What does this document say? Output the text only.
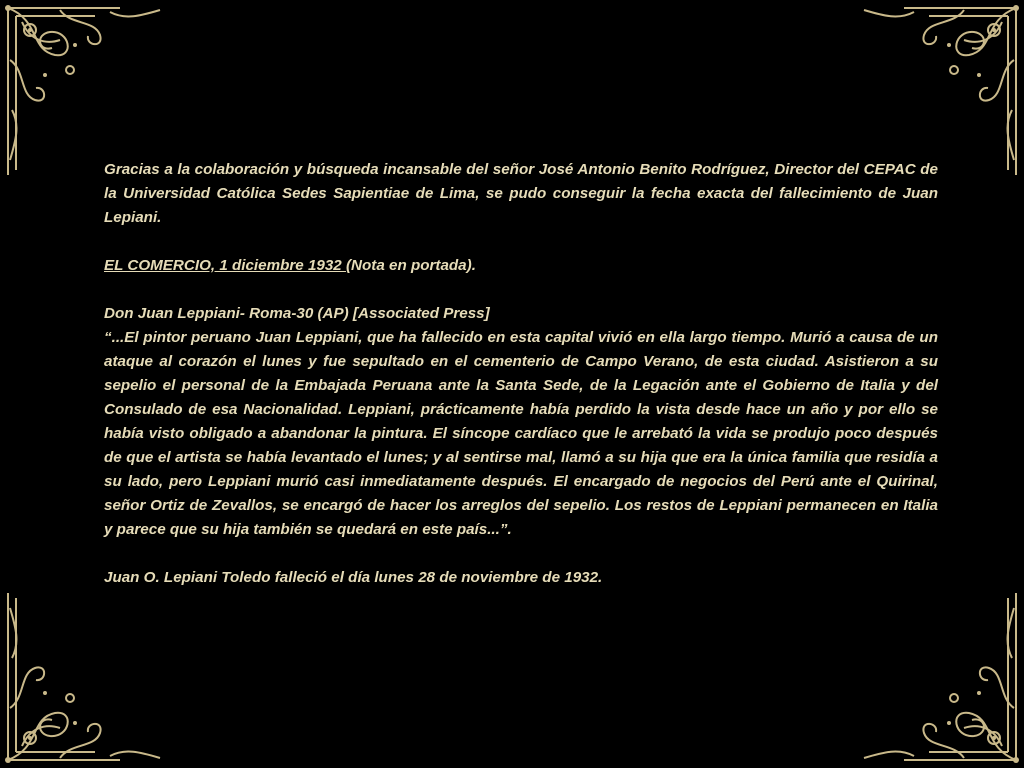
Gracias a la colaboración y búsqueda incansable del señor José Antonio Benito Rodríguez, Director del CEPAC de la Universidad Católica Sedes Sapientiae de Lima, se pudo conseguir la fecha exacta del fallecimiento de Juan Lepiani.

EL COMERCIO, 1 diciembre 1932 (Nota en portada).

Don Juan Leppiani- Roma-30 (AP) [Associated Press]

“...El pintor peruano Juan Leppiani, que ha fallecido en esta capital vivió en ella largo tiempo. Murió a causa de un ataque al corazón el lunes y fue sepultado en el cementerio de Campo Verano, de esta ciudad. Asistieron a su sepelio el personal de la Embajada Peruana ante la Santa Sede, de la Legación ante el Gobierno de Italia y del Consulado de esa Nacionalidad. Leppiani, prácticamente había perdido la vista desde hace un año y por ello se había visto obligado a abandonar la pintura. El síncope cardíaco que le arrebató la vida se produjo poco después de que el artista se había levantado el lunes; y al sentirse mal, llamó a su hija que era la única familia que residía a su lado, pero Leppiani murió casi inmediatamente después. El encargado de negocios del Perú ante el Quirinal, señor Ortiz de Zevallos, se encargó de hacer los arreglos del sepelio. Los restos de Leppiani permanecen en Italia y parece que su hija también se quedará en este país...”.

Juan O. Lepiani Toledo falleció el día lunes 28 de noviembre de 1932.
